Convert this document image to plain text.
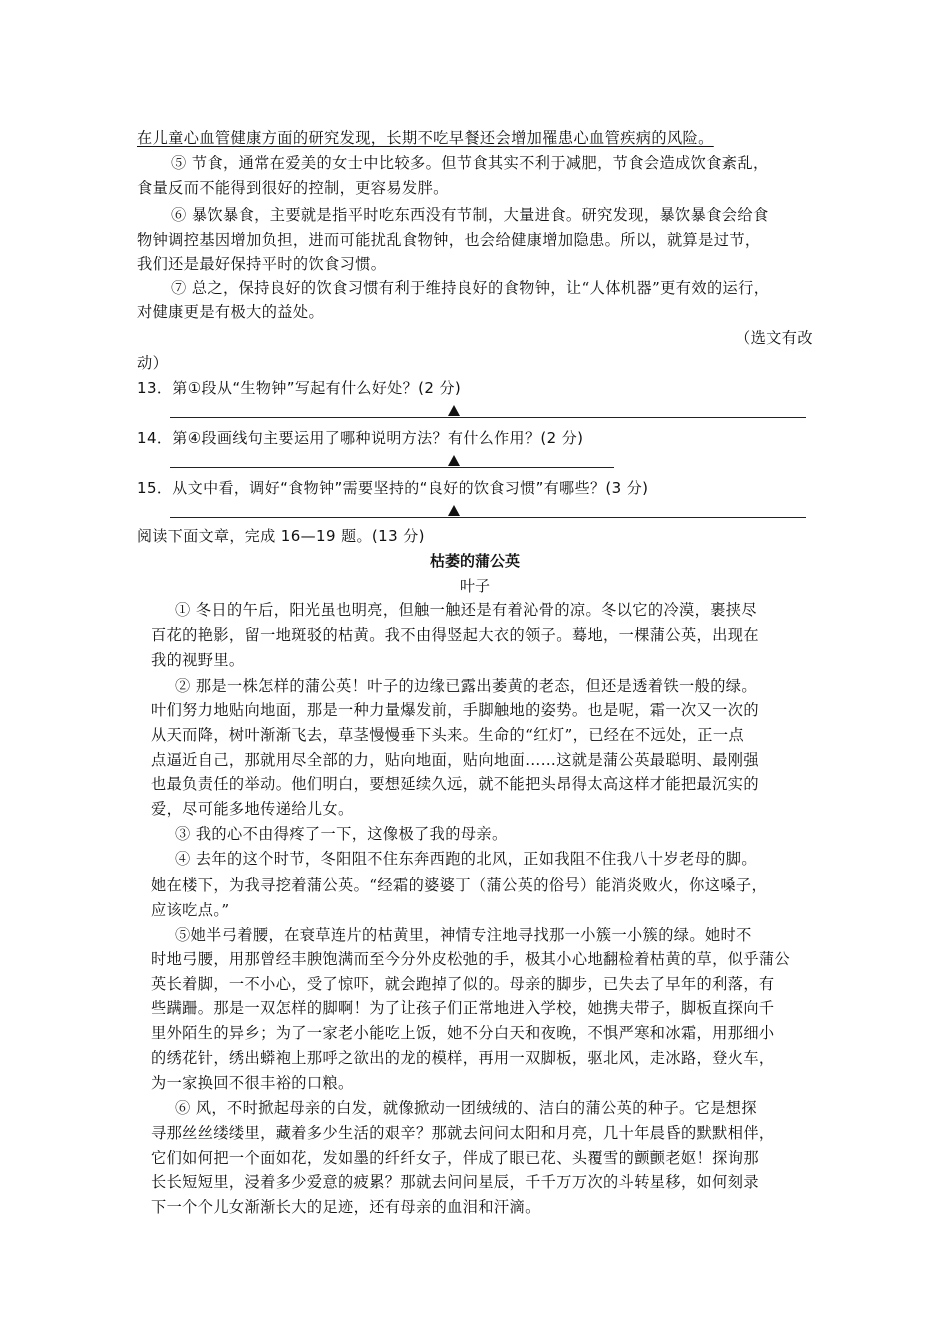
在儿童心血管健康方面的研究发现，长期不吃早餐还会增加罹患心血管疾病的风险。
⑤ 节食，通常在爱美的女士中比较多。但节食其实不利于减肥，节食会造成饮食紊乱，
食量反而不能得到很好的控制，更容易发胖。
⑥ 暴饮暴食，主要就是指平时吃东西没有节制，大量进食。研究发现，暴饮暴食会给食
物钟调控基因增加负担，进而可能扰乱食物钟，也会给健康增加隐患。所以，就算是过节，
我们还是最好保持平时的饮食习惯。
⑦ 总之，保持良好的饮食习惯有利于维持良好的食物钟，让“人体机器”更有效的运行，
对健康更是有极大的益处。
（选文有改
动）
13．第①段从“生物钟”写起有什么好处？(2 分)
14．第④段画线句主要运用了哪种说明方法？有什么作用？(2 分)
15．从文中看，调好“食物钟”需要坚持的“良好的饮食习惯”有哪些？(3 分)
阅读下面文章，完成 16—19 题。(13 分)
枯萎的蒲公英
叶子
① 冬日的午后，阳光虽也明亮，但触一触还是有着沁骨的凉。冬以它的冷漠，裹挟尽
百花的艳影，留一地斑驳的枯黄。我不由得竖起大衣的领子。蓦地，一棵蒲公英，出现在
我的视野里。
② 那是一株怎样的蒲公英！叶子的边缘已露出萎黄的老态，但还是透着铁一般的绿。
叶们努力地贴向地面，那是一种力量爆发前，手脚触地的姿势。也是呢，霜一次又一次的
从天而降，树叶渐渐飞去，草茎慢慢垂下头来。生命的“红灯”，已经在不远处，正一点
点逼近自己，那就用尽全部的力，贴向地面，贴向地面……这就是蒲公英最聪明、最刚强
也最负责任的举动。他们明白，要想延续久远，就不能把头昂得太高这样才能把最沉实的
爱，尽可能多地传递给儿女。
③ 我的心不由得疼了一下，这像极了我的母亲。
④ 去年的这个时节，冬阳阻不住东奔西跑的北风，正如我阻不住我八十岁老母的脚。
她在楼下，为我寻挖着蒲公英。“经霜的婆婆丁（蒲公英的俗号）能消炎败火，你这嗓子，
应该吃点。”
⑤她半弓着腰，在衰草连片的枯黄里，神情专注地寻找那一小簇一小簇的绿。她时不
时地弓腰，用那曾经丰腴饱满而至今分外皮松弛的手，极其小心地翻检着枯黄的草，似乎蒲公
英长着脚，一不小心，受了惊吓，就会跑掉了似的。母亲的脚步，已失去了早年的利落，有
些蹒跚。那是一双怎样的脚啊！为了让孩子们正常地进入学校，她携夫带子，脚板直探向千
里外陌生的异乡；为了一家老小能吃上饭，她不分白天和夜晚，不惧严寒和冰霜，用那细小
的绣花针，绣出蟒袍上那呼之欲出的龙的模样，再用一双脚板，驱北风，走冰路，登火车，
为一家换回不很丰裕的口粮。
⑥ 风，不时掀起母亲的白发，就像掀动一团绒绒的、洁白的蒲公英的种子。它是想探
寻那丝丝缕缕里，藏着多少生活的艰辛？那就去问问太阳和月亮，几十年晨昏的默默相伴，
它们如何把一个面如花，发如墨的纤纤女子，伴成了眼已花、头覆雪的颤颤老妪！探询那
长长短短里，浸着多少爱意的疲累？那就去问问星辰，千千万万次的斗转星移，如何刻录
下一个个儿女渐渐长大的足迹，还有母亲的血泪和汗滴。
